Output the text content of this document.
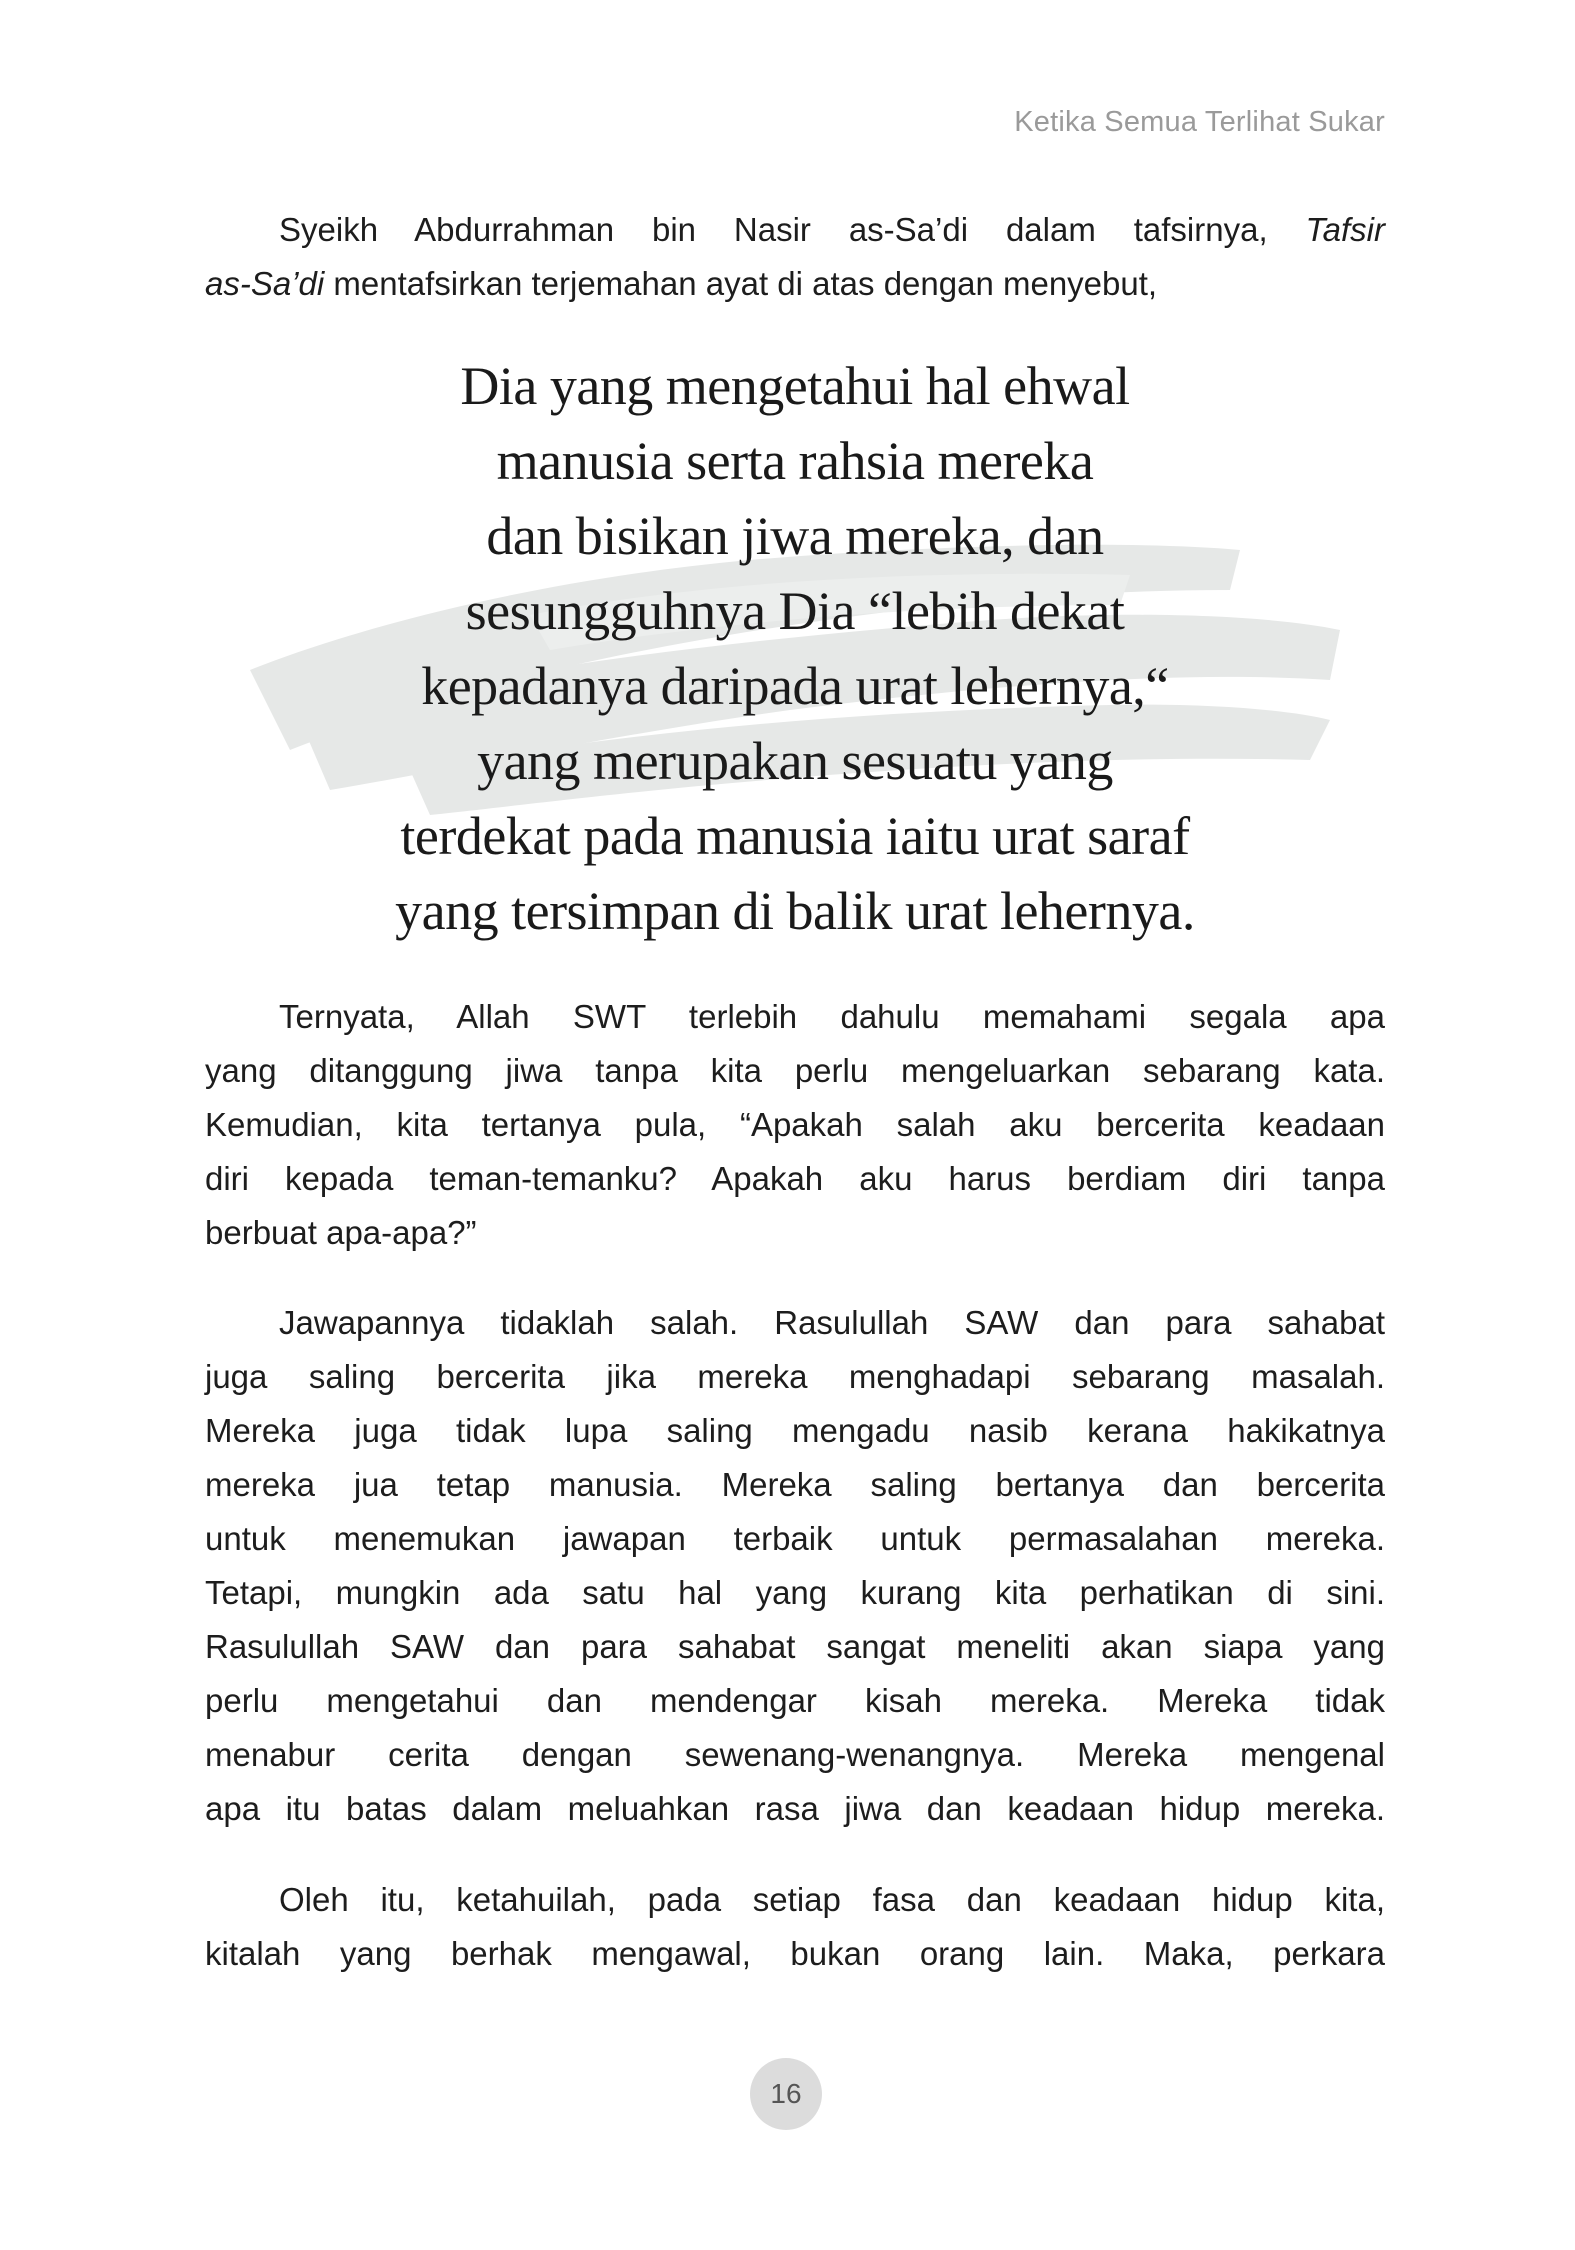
Ketika Semua Terlihat Sukar
Syeikh Abdurrahman bin Nasir as-Sa’di dalam tafsirnya, Tafsir
as-Sa’di mentafsirkan terjemahan ayat di atas dengan menyebut,
Dia yang mengetahui hal ehwal
manusia serta rahsia mereka
dan bisikan jiwa mereka, dan
sesungguhnya Dia “lebih dekat
kepadanya daripada urat lehernya,“
yang merupakan sesuatu yang
terdekat pada manusia iaitu urat saraf
yang tersimpan di balik urat lehernya.
Ternyata, Allah SWT terlebih dahulu memahami segala apa
yang ditanggung jiwa tanpa kita perlu mengeluarkan sebarang kata.
Kemudian, kita tertanya pula, “Apakah salah aku bercerita keadaan
diri kepada teman-temanku? Apakah aku harus berdiam diri tanpa
berbuat apa-apa?”
Jawapannya tidaklah salah. Rasulullah SAW dan para sahabat
juga saling bercerita jika mereka menghadapi sebarang masalah.
Mereka juga tidak lupa saling mengadu nasib kerana hakikatnya
mereka jua tetap manusia. Mereka saling bertanya dan bercerita
untuk menemukan jawapan terbaik untuk permasalahan mereka.
Tetapi, mungkin ada satu hal yang kurang kita perhatikan di sini.
Rasulullah SAW dan para sahabat sangat meneliti akan siapa yang
perlu mengetahui dan mendengar kisah mereka. Mereka tidak
menabur cerita dengan sewenang-wenangnya. Mereka mengenal
apa itu batas dalam meluahkan rasa jiwa dan keadaan hidup mereka.
Oleh itu, ketahuilah, pada setiap fasa dan keadaan hidup kita,
kitalah yang berhak mengawal, bukan orang lain. Maka, perkara
16
